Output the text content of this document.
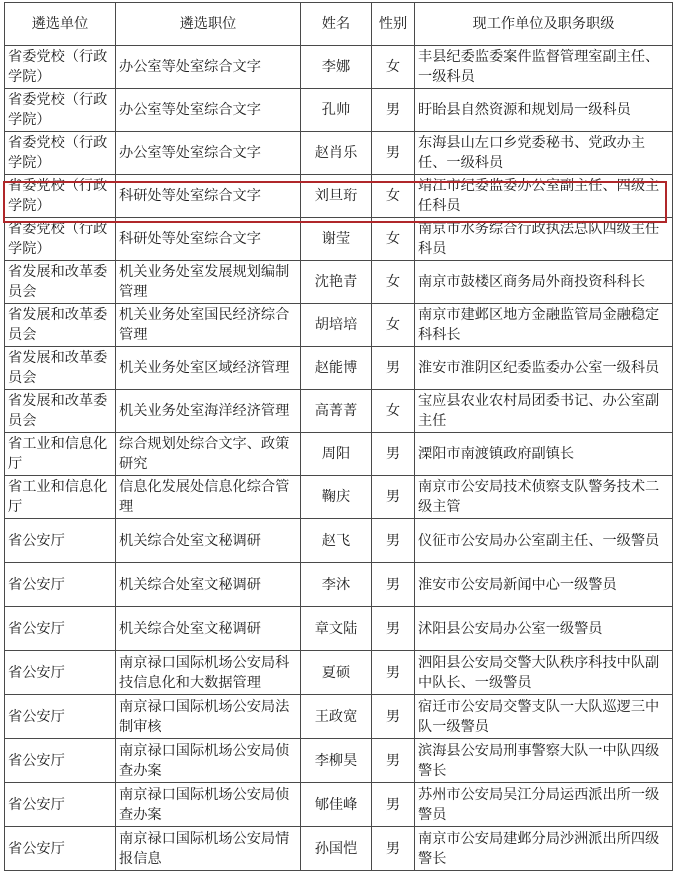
遴选单位	遴选职位	姓名	性别	现工作单位及职务职级
省委党校（行政学院）	办公室等处室综合文字	李娜	女	丰县纪委监委案件监督管理室副主任、一级科员
省委党校（行政学院）	办公室等处室综合文字	孔帅	男	盱眙县自然资源和规划局一级科员
省委党校（行政学院）	办公室等处室综合文字	赵肖乐	男	东海县山左口乡党委秘书、党政办主任、一级科员
省委党校（行政学院）	科研处等处室综合文字	刘旦珩	女	靖江市纪委监委办公室副主任、四级主任科员
省委党校（行政学院）	科研处等处室综合文字	谢莹	女	南京市水务综合行政执法总队四级主任科员
省发展和改革委员会	机关业务处室发展规划编制管理	沈艳青	女	南京市鼓楼区商务局外商投资科科长
省发展和改革委员会	机关业务处室国民经济综合管理	胡培培	女	南京市建邺区地方金融监管局金融稳定科科长
省发展和改革委员会	机关业务处室区域经济管理	赵能博	男	淮安市淮阴区纪委监委办公室一级科员
省发展和改革委员会	机关业务处室海洋经济管理	高菁菁	女	宝应县农业农村局团委书记、办公室副主任
省工业和信息化厅	综合规划处综合文字、政策研究	周阳	男	溧阳市南渡镇政府副镇长
省工业和信息化厅	信息化发展处信息化综合管理	鞠庆	男	南京市公安局技术侦察支队警务技术二级主管
省公安厅	机关综合处室文秘调研	赵飞	男	仪征市公安局办公室副主任、一级警员
省公安厅	机关综合处室文秘调研	李沐	男	淮安市公安局新闻中心一级警员
省公安厅	机关综合处室文秘调研	章文陆	男	沭阳县公安局办公室一级警员
省公安厅	南京禄口国际机场公安局科技信息化和大数据管理	夏硕	男	泗阳县公安局交警大队秩序科技中队副中队长、一级警员
省公安厅	南京禄口国际机场公安局法制审核	王政宽	男	宿迁市公安局交警支队一大队巡逻三中队一级警员
省公安厅	南京禄口国际机场公安局侦查办案	李柳昊	男	滨海县公安局刑事警察大队一中队四级警长
省公安厅	南京禄口国际机场公安局侦查办案	郇佳峰	男	苏州市公安局吴江分局运西派出所一级警员
省公安厅	南京禄口国际机场公安局情报信息	孙国恺	男	南京市公安局建邺分局沙洲派出所四级警长
